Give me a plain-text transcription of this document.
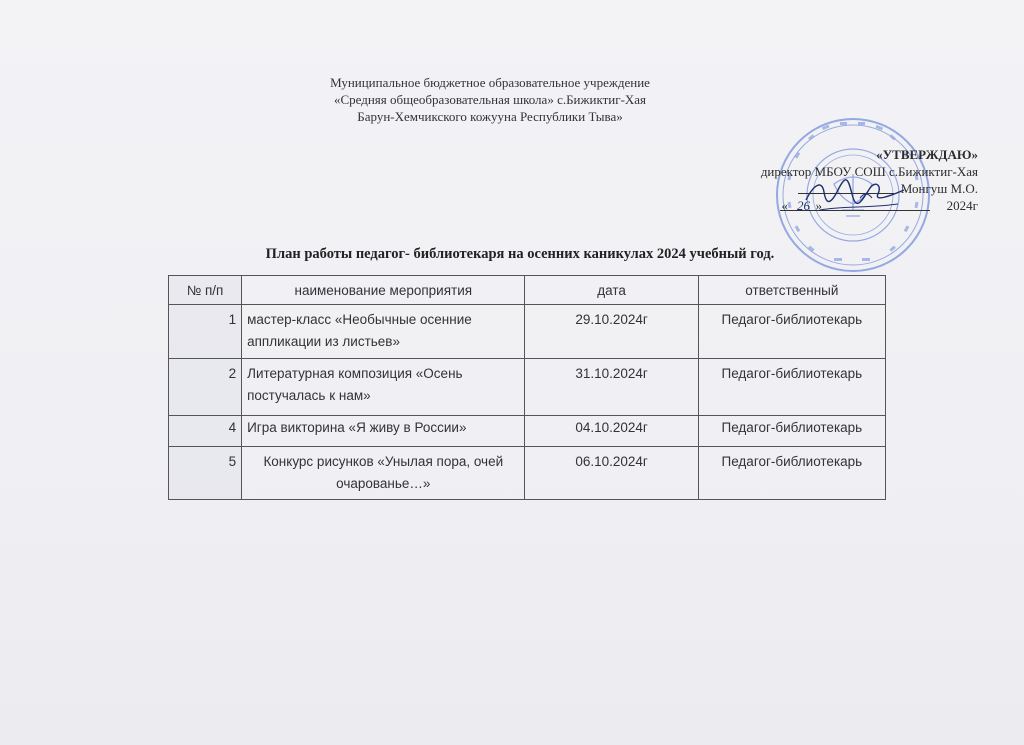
Муниципальное бюджетное образовательное учреждение
«Средняя общеобразовательная школа» с.Бижиктиг-Хая
Барун-Хемчикского кожууна Республики Тыва»
«УТВЕРЖДАЮ»
директор МБОУ СОШ с.Бижиктиг-Хая
Монгуш М.О.
« 26 »	2024г
План работы педагог- библиотекаря на осенних каникулах 2024 учебный год.
№ п/п	наименование мероприятия	дата	ответственный
1	мастер-класс «Необычные осенние аппликации из листьев»	29.10.2024г	Педагог-библиотекарь
2	Литературная композиция «Осень постучалась к нам»	31.10.2024г	Педагог-библиотекарь
4	Игра викторина «Я живу в России»	04.10.2024г	Педагог-библиотекарь
5	Конкурс рисунков «Унылая пора, очей очарованье…»	06.10.2024г	Педагог-библиотекарь
